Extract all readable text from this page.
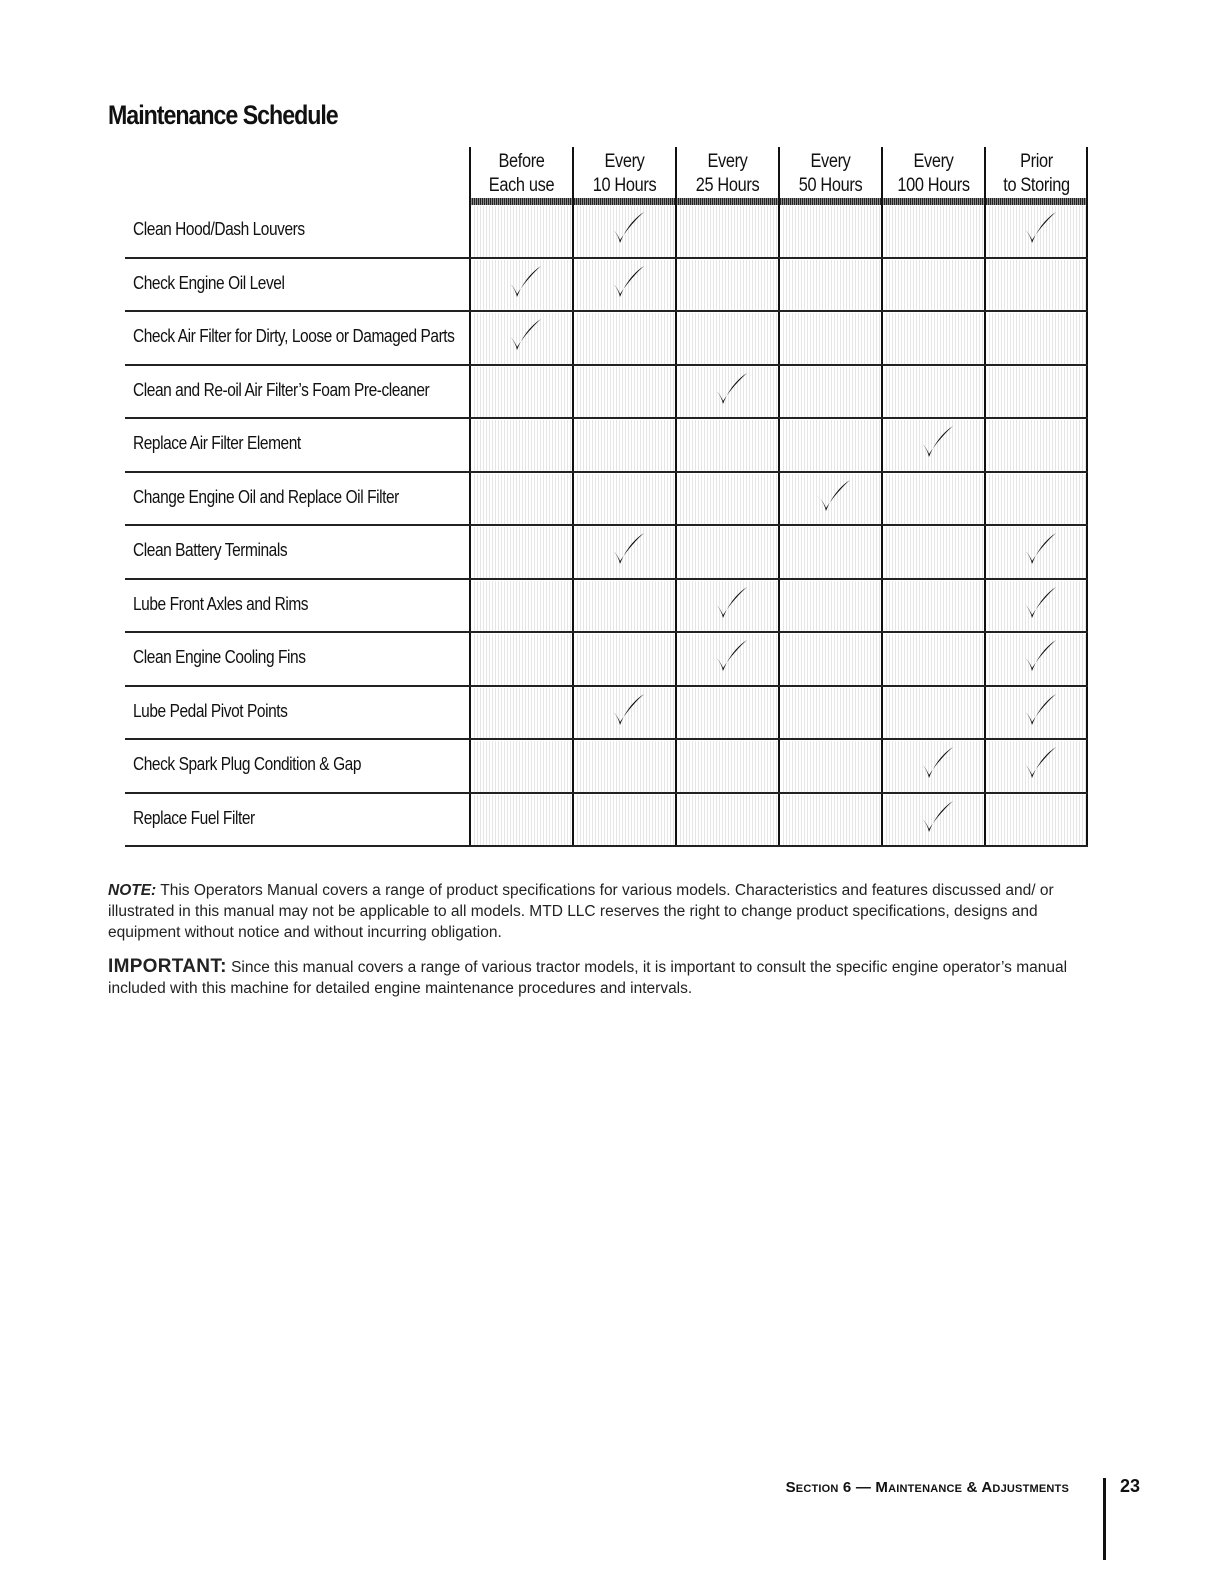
Maintenance Schedule
Before
Each use
Every
10 Hours
Every
25 Hours
Every
50 Hours
Every
100 Hours
Prior
to Storing
Clean Hood/Dash Louvers
Check Engine Oil Level
Check Air Filter for Dirty, Loose or Damaged Parts
Clean and Re-oil Air Filter’s Foam Pre-cleaner
Replace Air Filter Element
Change Engine Oil and Replace Oil Filter
Clean Battery Terminals
Lube Front Axles and Rims
Clean Engine Cooling Fins
Lube Pedal Pivot Points
Check Spark Plug Condition & Gap
Replace Fuel Filter
NOTE: This Operators Manual covers a range of product specifications for various models. Characteristics and features discussed and/ or illustrated in this manual may not be applicable to all models. MTD LLC reserves the right to change product specifications, designs and equipment without notice and without incurring obligation.
IMPORTANT: Since this manual covers a range of various tractor models, it is important to consult the specific engine operator’s manual included with this machine for detailed engine maintenance procedures and intervals.
Section 6 — Maintenance & Adjustments	23
